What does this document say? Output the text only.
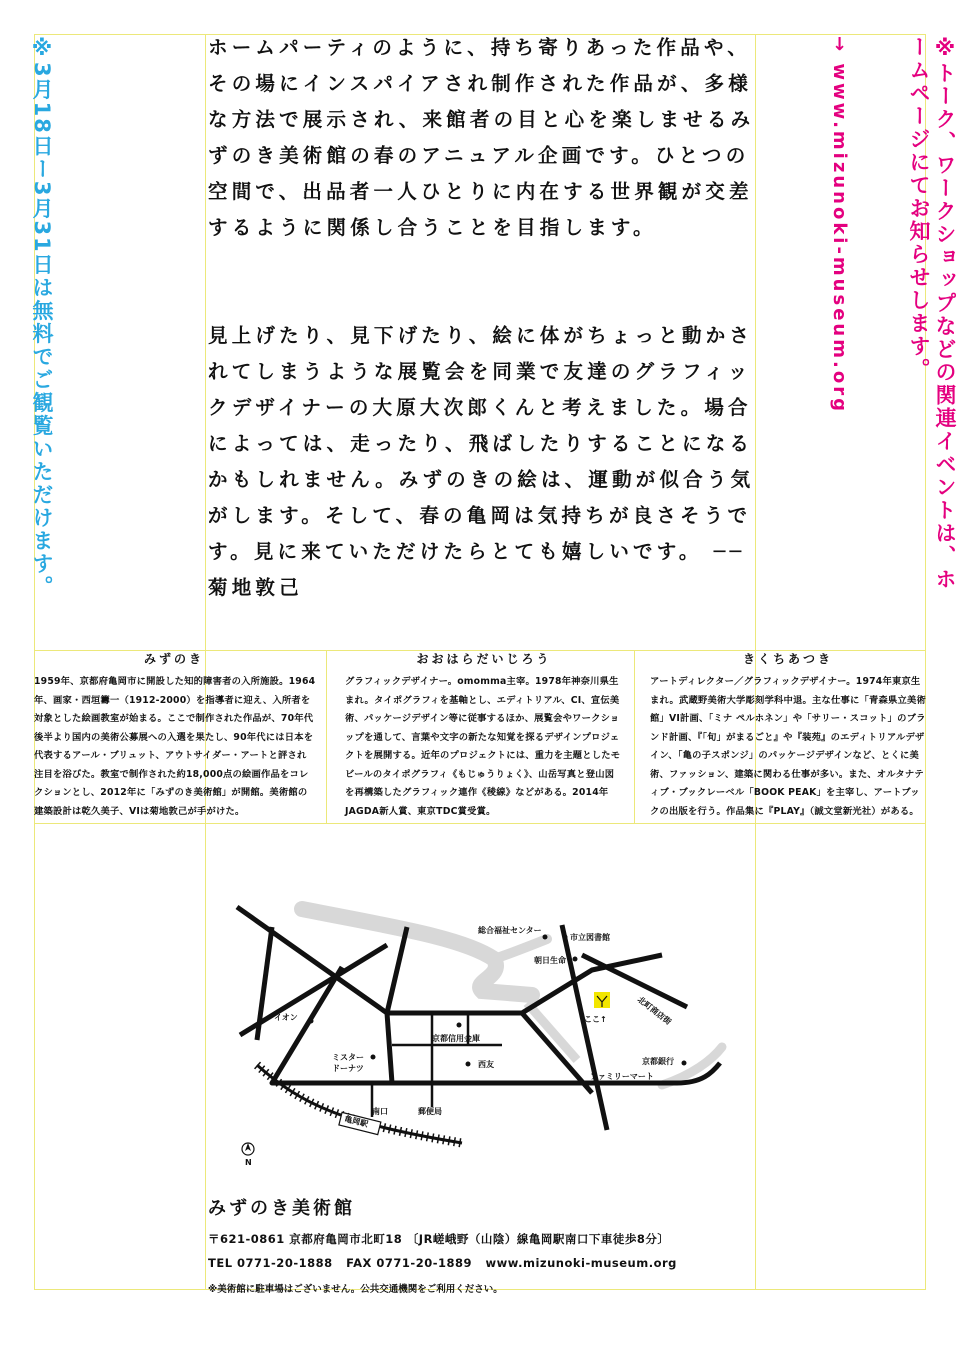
※3月18日ー3月31日は無料でご観覧いただけます。	※トーク、ワークショップなどの関連イベントは、ホームページにてお知らせします。
→ www.mizunoki-museum.org

ホームパーティのように、持ち寄りあった作品や、その場にインスパイアされ制作された作品が、多様な方法で展示され、来館者の目と心を楽しませるみずのき美術館の春のアニュアル企画です。ひとつの空間で、出品者一人ひとりに内在する世界観が交差するように関係し合うことを目指します。

見上げたり、見下げたり、絵に体がちょっと動かされてしまうような展覧会を同業で友達のグラフィックデザイナーの大原大次郎くんと考えました。場合によっては、走ったり、飛ばしたりすることになるかもしれません。みずのきの絵は、運動が似合う気がします。そして、春の亀岡は気持ちが良さそうです。見に来ていただけたらとても嬉しいです。 ── 菊地敦己

みずのき

1959年、京都府亀岡市に開設した知的障害者の入所施設。1964年、画家・西垣籌一（1912-2000）を指導者に迎え、入所者を対象とした絵画教室が始まる。ここで制作された作品が、70年代後半より国内の美術公募展への入選を果たし、90年代には日本を代表するアール・ブリュット、アウトサイダー・アートと評され注目を浴びた。教室で制作された約18,000点の絵画作品をコレクションとし、2012年に「みずのき美術館」が開館。美術館の建築設計は乾久美子、VIは菊地敦己が手がけた。

おおはらだいじろう

グラフィックデザイナー。omomma主宰。1978年神奈川県生まれ。タイポグラフィを基軸とし、エディトリアル、CI、宣伝美術、パッケージデザイン等に従事するほか、展覧会やワークショップを通して、言葉や文字の新たな知覚を探るデザインプロジェクトを展開する。近年のプロジェクトには、重力を主題としたモビールのタイポグラフィ《もじゅうりょく》、山岳写真と登山図を再構築したグラフィック連作《稜線》などがある。2014年JAGDA新人賞、東京TDC賞受賞。

きくちあつき

アートディレクター／グラフィックデザイナー。1974年東京生まれ。武蔵野美術大学彫刻学科中退。主な仕事に「青森県立美術館」VI計画、「ミナ ペルホネン」や「サリー・スコット」のブランド計画、『「旬」がまるごと』や『装苑』のエディトリアルデザイン、「亀の子スポンジ」のパッケージデザインなど、とくに美術、ファッション、建築に関わる仕事が多い。また、オルタナティブ・ブックレーベル「BOOK PEAK」を主宰し、アートブックの出版を行う。作品集に『PLAY』（誠文堂新光社）がある。

北町商店街
総合福祉センター
市立図書館
朝日生命
ここ↑
イオン
京都信用金庫
ミスター
ドーナツ	西友	京都銀行
ファミリーマート
南口	郵便局
亀岡駅
N
みずのき美術館
〒621-0861 京都府亀岡市北町18 〔JR嵯峨野（山陰）線亀岡駅南口下車徒歩8分〕
TEL 0771-20-1888   FAX 0771-20-1889   www.mizunoki-museum.org
※美術館に駐車場はございません。公共交通機関をご利用ください。
